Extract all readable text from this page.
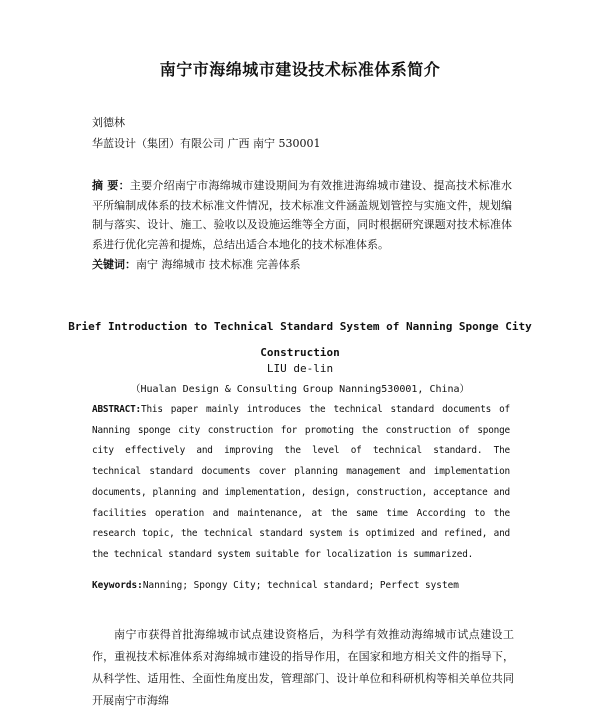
南宁市海绵城市建设技术标准体系简介
刘德林
华蓝设计（集团）有限公司 广西 南宁 530001
摘 要：主要介绍南宁市海绵城市建设期间为有效推进海绵城市建设、提高技术标准水平所编制成体系的技术标准文件情况，技术标准文件涵盖规划管控与实施文件，规划编制与落实、设计、施工、验收以及设施运维等全方面，同时根据研究课题对技术标准体系进行优化完善和提炼，总结出适合本地化的技术标准体系。
关键词：南宁 海绵城市 技术标准 完善体系
Brief Introduction to Technical Standard System of Nanning Sponge City
Construction
LIU de-lin
（Hualan Design & Consulting Group Nanning530001, China）
ABSTRACT:This paper mainly introduces the technical standard documents of Nanning sponge city construction for promoting the construction of sponge city effectively and improving the level of technical standard. The technical standard documents cover planning management and implementation documents, planning and implementation, design, construction, acceptance and facilities operation and maintenance, at the same time According to the research topic, the technical standard system is optimized and refined, and the technical standard system suitable for localization is summarized.
Keywords:Nanning; Spongy City; technical standard; Perfect system
南宁市获得首批海绵城市试点建设资格后，为科学有效推动海绵城市试点建设工作，重视技术标准体系对海绵城市建设的指导作用，在国家和地方相关文件的指导下，从科学性、适用性、全面性角度出发，管理部门、设计单位和科研机构等相关单位共同开展南宁市海绵
